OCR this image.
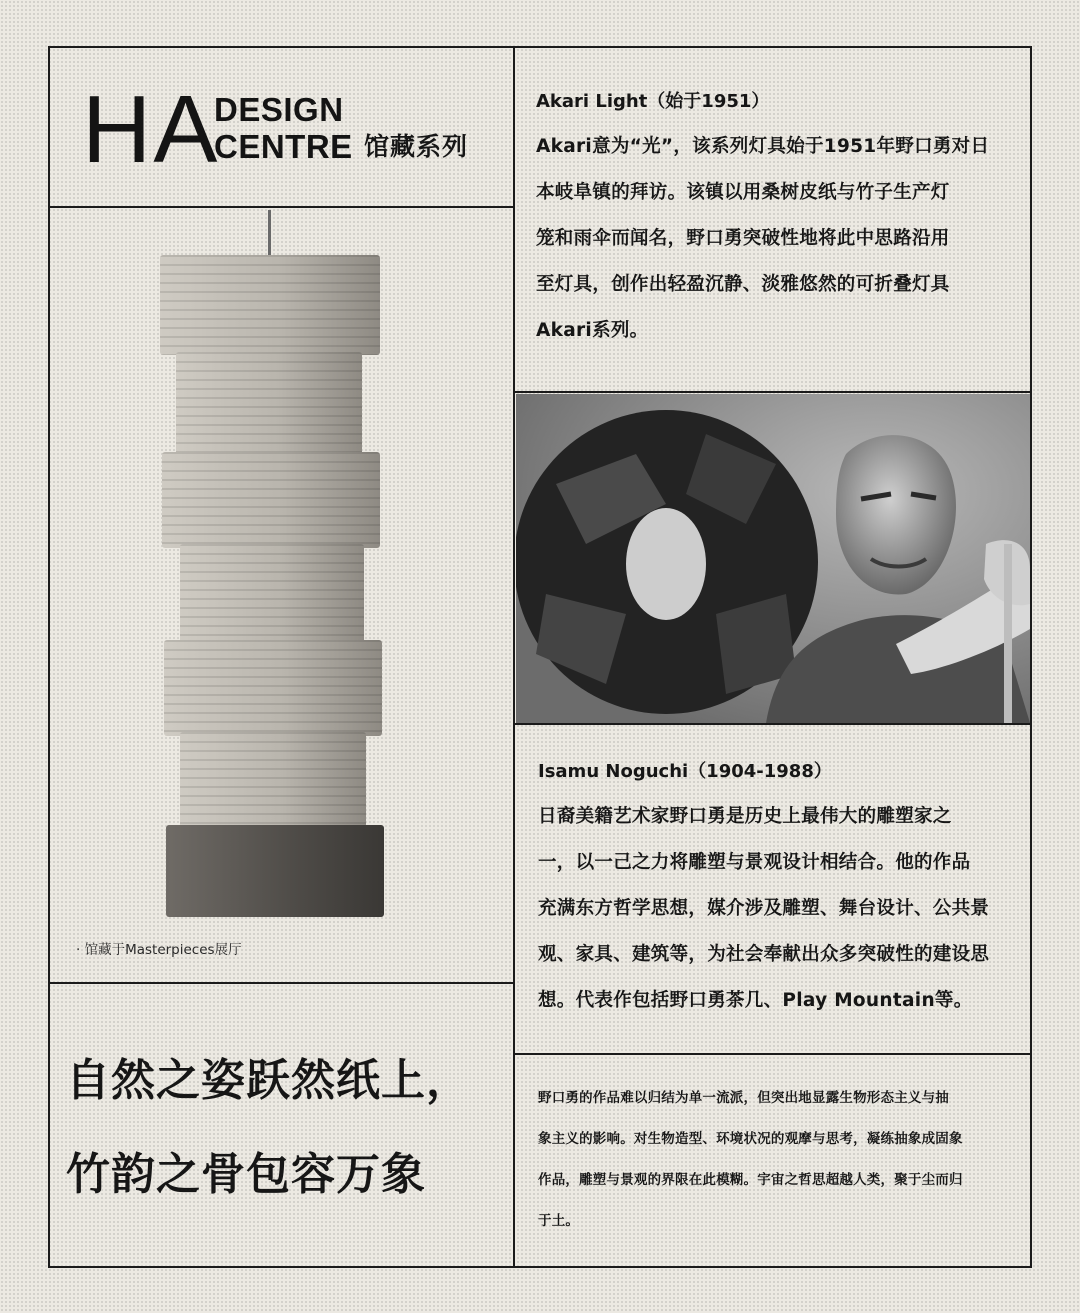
HA
DESIGN
CENTRE 馆藏系列
· 馆藏于Masterpieces展厅

Akari Light（始于1951）

Akari意为“光”，该系列灯具始于1951年野口勇对日

本岐阜镇的拜访。该镇以用桑树皮纸与竹子生产灯

笼和雨伞而闻名，野口勇突破性地将此中思路沿用

至灯具，创作出轻盈沉静、淡雅悠然的可折叠灯具

Akari系列。

Isamu Noguchi（1904-1988）

日裔美籍艺术家野口勇是历史上最伟大的雕塑家之

一，以一己之力将雕塑与景观设计相结合。他的作品

充满东方哲学思想，媒介涉及雕塑、舞台设计、公共景

观、家具、建筑等，为社会奉献出众多突破性的建设思

想。代表作包括野口勇茶几、Play Mountain等。

自然之姿跃然纸上，

竹韵之骨包容万象

野口勇的作品难以归结为单一流派，但突出地显露生物形态主义与抽

象主义的影响。对生物造型、环境状况的观摩与思考，凝练抽象成固象

作品，雕塑与景观的界限在此模糊。宇宙之哲思超越人类，聚于尘而归

于土。
